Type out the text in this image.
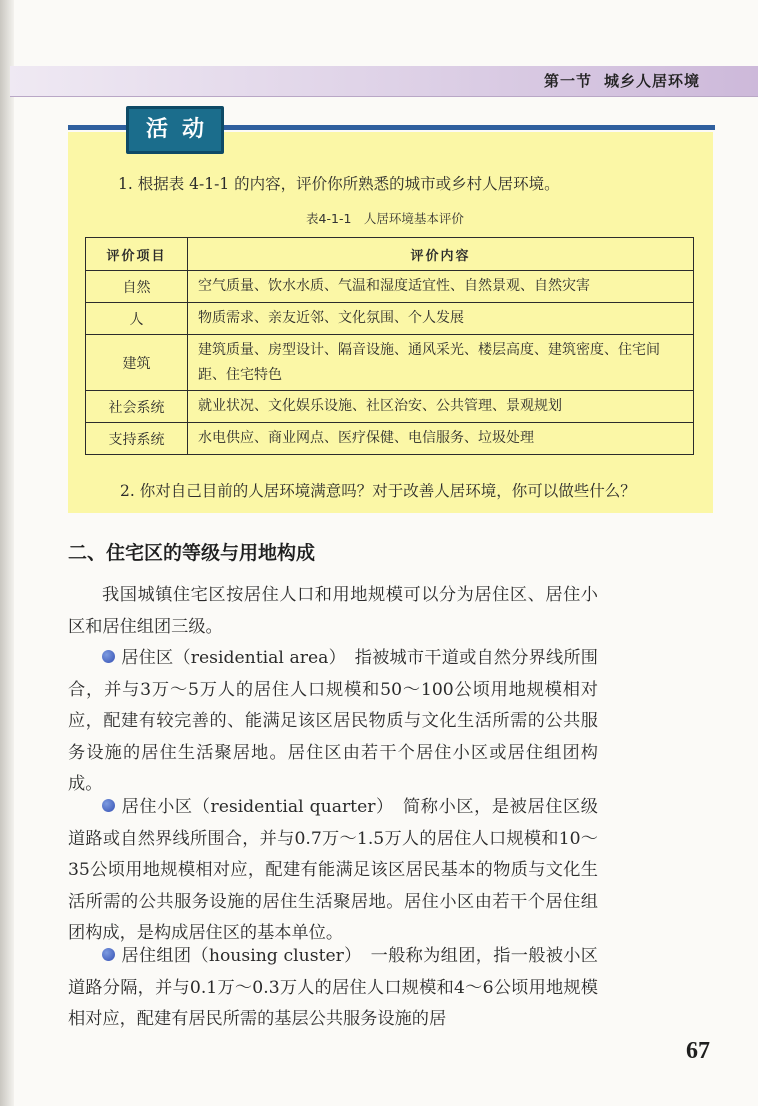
第一节 城乡人居环境
活动
1. 根据表 4-1-1 的内容，评价你所熟悉的城市或乡村人居环境。
表4-1-1　人居环境基本评价
评价项目	评价内容
自然	空气质量、饮水水质、气温和湿度适宜性、自然景观、自然灾害
人	物质需求、亲友近邻、文化氛围、个人发展
建筑	建筑质量、房型设计、隔音设施、通风采光、楼层高度、建筑密度、住宅间距、住宅特色
社会系统	就业状况、文化娱乐设施、社区治安、公共管理、景观规划
支持系统	水电供应、商业网点、医疗保健、电信服务、垃圾处理
2. 你对自己目前的人居环境满意吗？对于改善人居环境，你可以做些什么？
二、住宅区的等级与用地构成
我国城镇住宅区按居住人口和用地规模可以分为居住区、居住小区和居住组团三级。
居住区（residential area）　 指被城市干道或自然分界线所围合，并与3万～5万人的居住人口规模和50～100公顷用地规模相对应，配建有较完善的、能满足该区居民物质与文化生活所需的公共服务设施的居住生活聚居地。居住区由若干个居住小区或居住组团构成。
居住小区（residential quarter）　 简称小区，是被居住区级道路或自然界线所围合，并与0.7万～1.5万人的居住人口规模和10～35公顷用地规模相对应，配建有能满足该区居民基本的物质与文化生活所需的公共服务设施的居住生活聚居地。居住小区由若干个居住组团构成，是构成居住区的基本单位。
居住组团（housing cluster）　 一般称为组团，指一般被小区道路分隔，并与0.1万～0.3万人的居住人口规模和4～6公顷用地规模相对应，配建有居民所需的基层公共服务设施的居
67
